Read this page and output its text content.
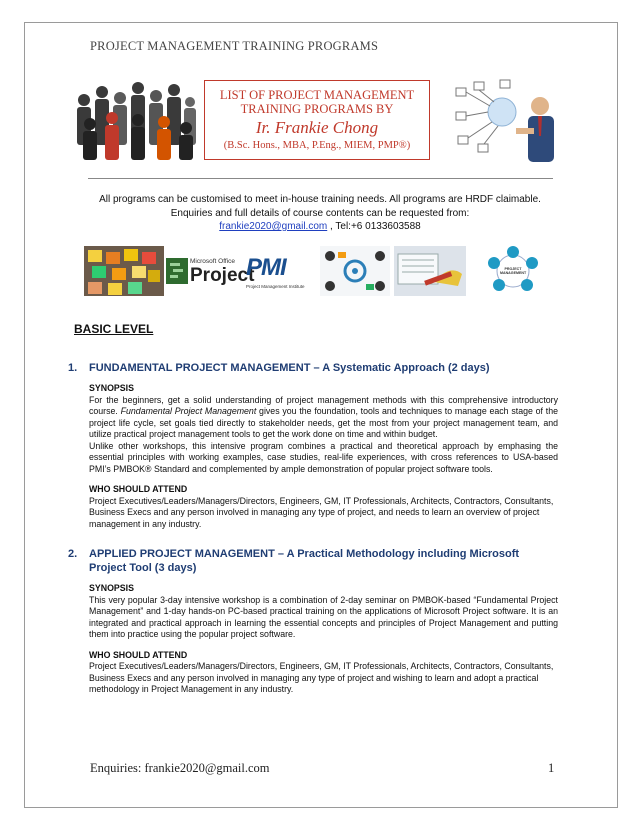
PROJECT MANAGEMENT TRAINING PROGRAMS
LIST OF PROJECT MANAGEMENT
TRAINING PROGRAMS BY
Ir. Frankie Chong
(B.Sc. Hons., MBA, P.Eng., MIEM, PMP®)
All programs can be customised to meet in-house training needs. All programs are HRDF claimable.
Enquiries and full details of course contents can be requested from:
frankie2020@gmail.com , Tel:+6 0133603588
Microsoft Office
Project
PMI
Project Management Institute
PROJECT MANAGEMENT
BASIC LEVEL
1. FUNDAMENTAL PROJECT MANAGEMENT – A Systematic Approach (2 days)
SYNOPSIS
For the beginners, get a solid understanding of project management methods with this comprehensive introductory course. Fundamental Project Management gives you the foundation, tools and techniques to manage each stage of the project life cycle, set goals tied directly to stakeholder needs, get the most from your project management team, and utilize practical project management tools to get the work done on time and within budget.
Unlike other workshops, this intensive program combines a practical and theoretical approach by emphasing the essential principles with working examples, case studies, real-life experiences, with cross references to USA-based PMI’s PMBOK® Standard and complemented by ample demonstration of popular project software tools.
WHO SHOULD ATTEND
Project Executives/Leaders/Managers/Directors, Engineers, GM, IT Professionals, Architects, Contractors, Consultants, Business Execs and any person involved in managing any type of project, and needs to learn an overview of project management in any industry.
2.	APPLIED PROJECT MANAGEMENT – A Practical Methodology including Microsoft Project Tool (3 days)
SYNOPSIS
This very popular 3-day intensive workshop is a combination of 2-day seminar on PMBOK-based “Fundamental Project Management” and 1-day hands-on PC-based practical training on the applications of Microsoft Project software. It is an integrated and practical approach in learning the essential concepts and principles of Project Management and putting them into practice using the popular project software.
WHO SHOULD ATTEND
Project Executives/Leaders/Managers/Directors, Engineers, GM, IT Professionals, Architects, Contractors, Consultants, Business Execs and any person involved in managing any type of project and wishing to learn and adopt a practical methodology in Project Management in any industry.
Enquiries: frankie2020@gmail.com	1
